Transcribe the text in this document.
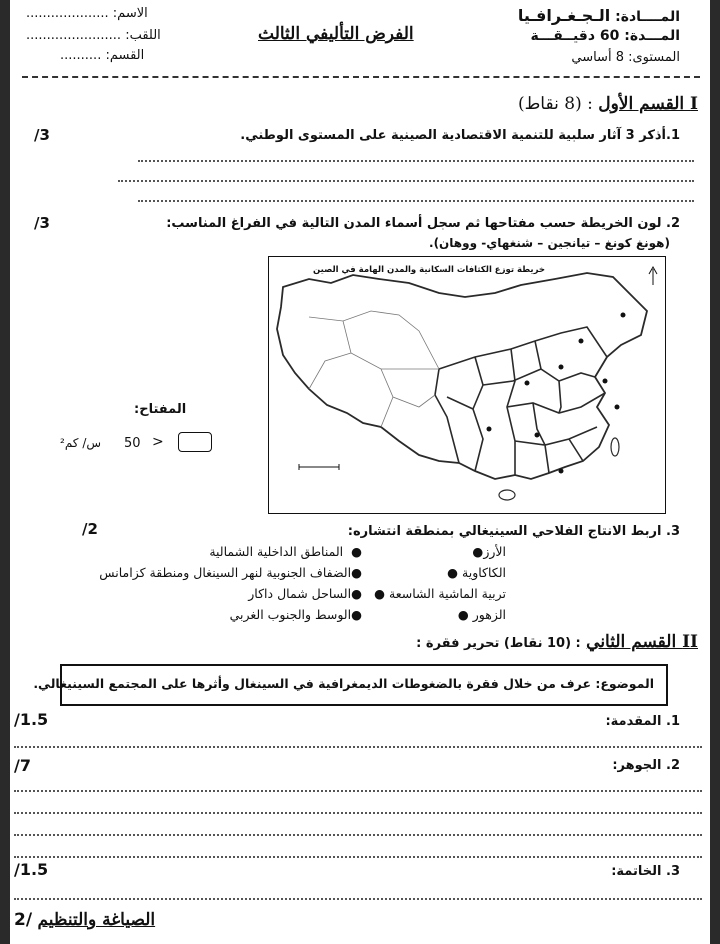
المــــادة: الـجـغـرافـيا
المـــدة: 60 دقيــقـــة
المستوى: 8 أساسي
الفرض التأليفي الثالث
الاسم: ....................
اللقب: .......................
القسم: ..........
I القسم الأول : (8 نقاط)
1.أذكر 3 آثار سلبية للتنمية الاقتصادية الصينية على المستوى الوطني.
/3
2. لون الخريطة حسب مفتاحها ثم سجل أسماء المدن التالية في الفراغ المناسب:
/3
(هونغ كونغ – تيانجين – شنغهاي- ووهان).
خريطة توزع الكثافات السكانية والمدن الهامة في الصين
المفتاح:
>
50
س/ كم²
3. اربط الانتاج الفلاحي السينيغالي بمنطقة انتشاره:
/2
الأرز●
الكاكاوية ●
تربية الماشية الشاسعة ●
الزهور ●
●  المناطق الداخلية الشمالية
●الضفاف الجنوبية لنهر السينغال ومنطقة كزامانس
●الساحل شمال داكار
●الوسط والجنوب الغربي
II القسم الثاني : (10 نقاط) تحرير فقرة :
الموضوع: عرف من خلال فقرة بالضغوطات الديمغرافية في السينغال وأثرها على المجتمع السينيغالي.
1. المقدمة:
/1.5
2. الجوهر:
/7
3. الخاتمة:
/1.5
الصياغة والتنظيم /2
